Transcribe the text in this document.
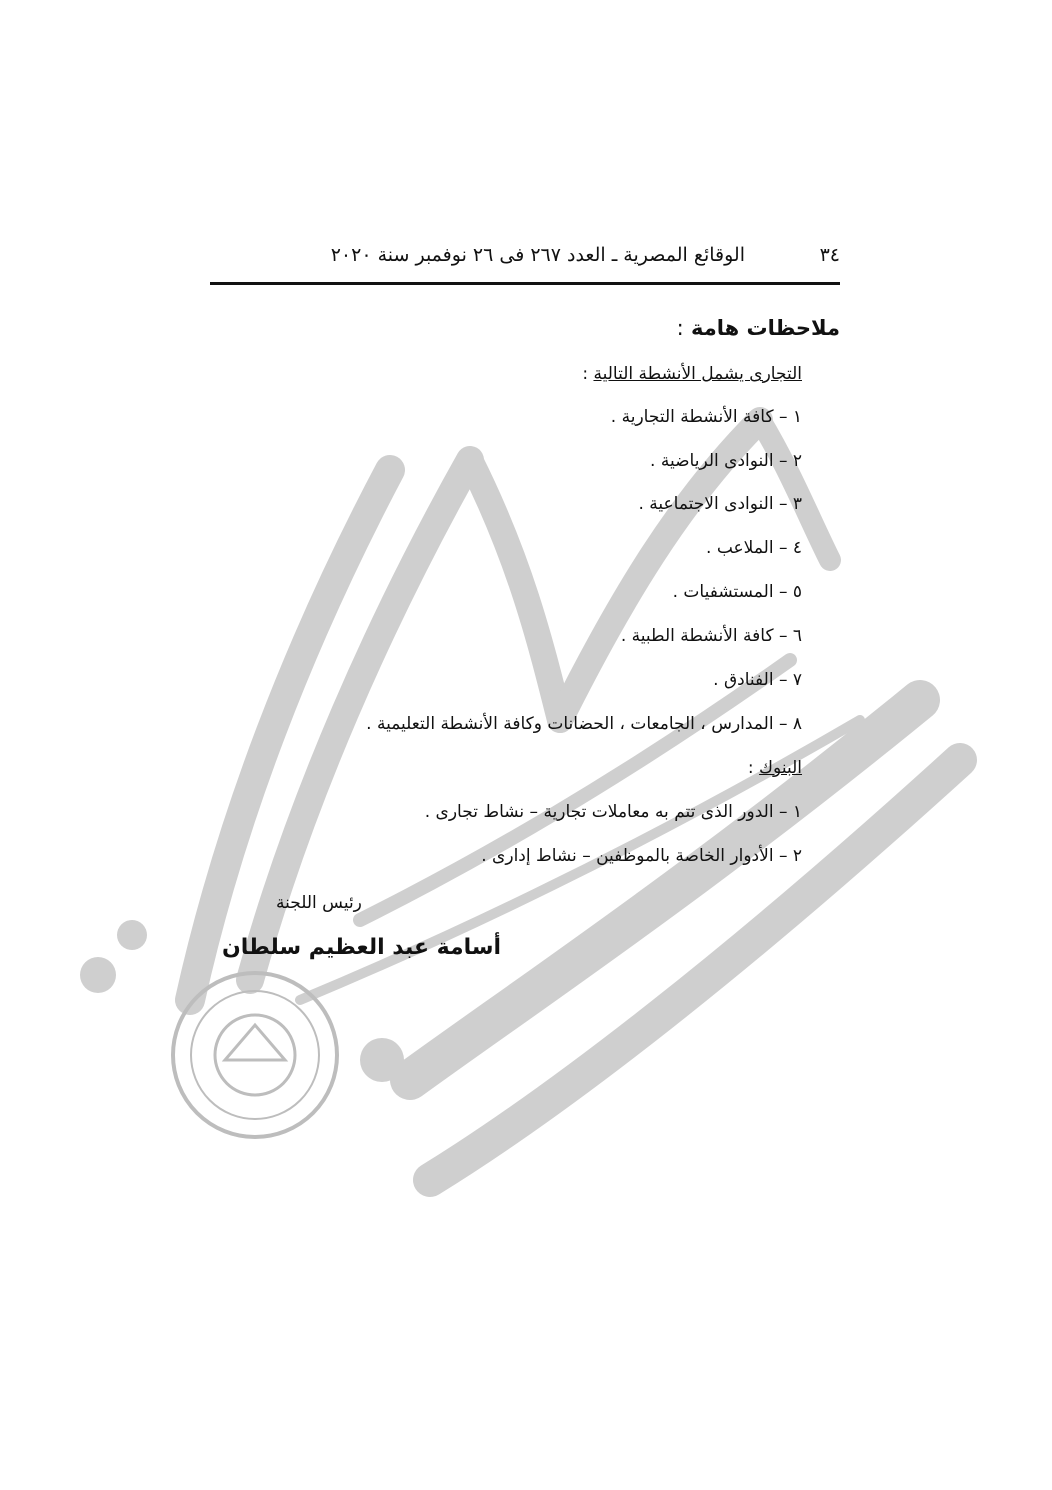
٣٤
الوقائع المصرية ـ العدد ٢٦٧ فى ٢٦ نوفمبر سنة ٢٠٢٠
ملاحظات هامة :
التجارى يشمل الأنشطة التالية :
١ – كافة الأنشطة التجارية .
٢ – النوادى الرياضية .
٣ – النوادى الاجتماعية .
٤ – الملاعب .
٥ – المستشفيات .
٦ – كافة الأنشطة الطبية .
٧ – الفنادق .
٨ – المدارس ، الجامعات ، الحضانات وكافة الأنشطة التعليمية .
البنوك :
١ – الدور الذى تتم به معاملات تجارية – نشاط تجارى .
٢ – الأدوار الخاصة بالموظفين – نشاط إدارى .
رئيس اللجنة
أسامة عبد العظيم سلطان
